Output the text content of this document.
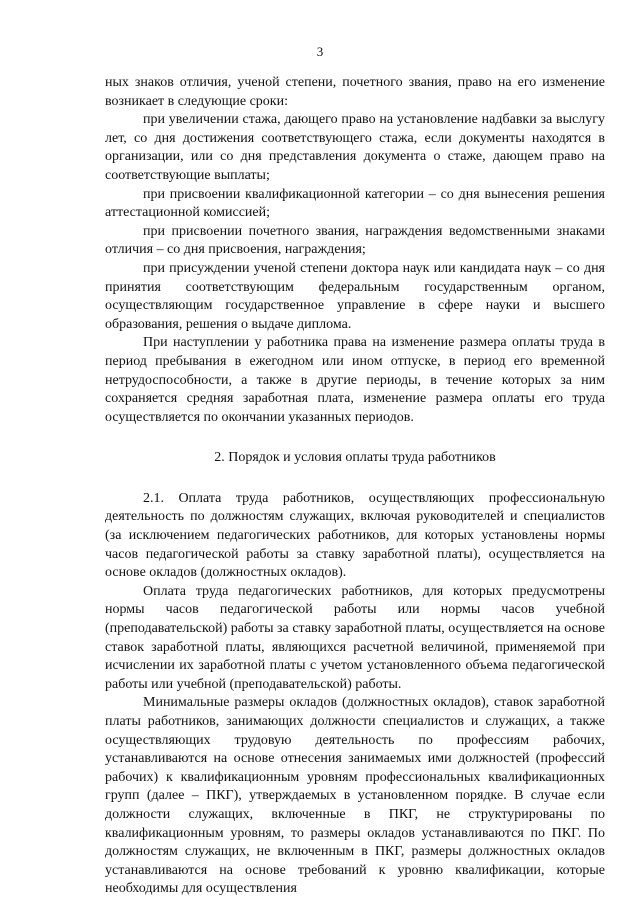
3

ных знаков отличия, ученой степени, почетного звания, право на его изменение возникает в следующие сроки:

при увеличении стажа, дающего право на установление надбавки за выслугу лет, со дня достижения соответствующего стажа, если документы находятся в организации, или со дня представления документа о стаже, дающем право на соответствующие выплаты;

при присвоении квалификационной категории – со дня вынесения решения аттестационной комиссией;

при присвоении почетного звания, награждения ведомственными знаками отличия – со дня присвоения, награждения;

при присуждении ученой степени доктора наук или кандидата наук – со дня принятия соответствующим федеральным государственным органом, осуществляющим государственное управление в сфере науки и высшего образования, решения о выдаче диплома.

При наступлении у работника права на изменение размера оплаты труда в период пребывания в ежегодном или ином отпуске, в период его временной нетрудоспособности, а также в другие периоды, в течение которых за ним сохраняется средняя заработная плата, изменение размера оплаты его труда осуществляется по окончании указанных периодов.

2. Порядок и условия оплаты труда работников

2.1. Оплата труда работников, осуществляющих профессиональную деятельность по должностям служащих, включая руководителей и специалистов (за исключением педагогических работников, для которых установлены нормы часов педагогической работы за ставку заработной платы), осуществляется на основе окладов (должностных окладов).

Оплата труда педагогических работников, для которых предусмотрены нормы часов педагогической работы или нормы часов учебной (преподавательской) работы за ставку заработной платы, осуществляется на основе ставок заработной платы, являющихся расчетной величиной, применяемой при исчислении их заработной платы с учетом установленного объема педагогической работы или учебной (преподавательской) работы.

Минимальные размеры окладов (должностных окладов), ставок заработной платы работников, занимающих должности специалистов и служащих, а также осуществляющих трудовую деятельность по профессиям рабочих, устанавливаются на основе отнесения занимаемых ими должностей (профессий рабочих) к квалификационным уровням профессиональных квалификационных групп (далее – ПКГ), утверждаемых в установленном порядке. В случае если должности служащих, включенные в ПКГ, не структурированы по квалификационным уровням, то размеры окладов устанавливаются по ПКГ. По должностям служащих, не включенным в ПКГ, размеры должностных окладов устанавливаются на основе требований к уровню квалификации, которые необходимы для осуществления
